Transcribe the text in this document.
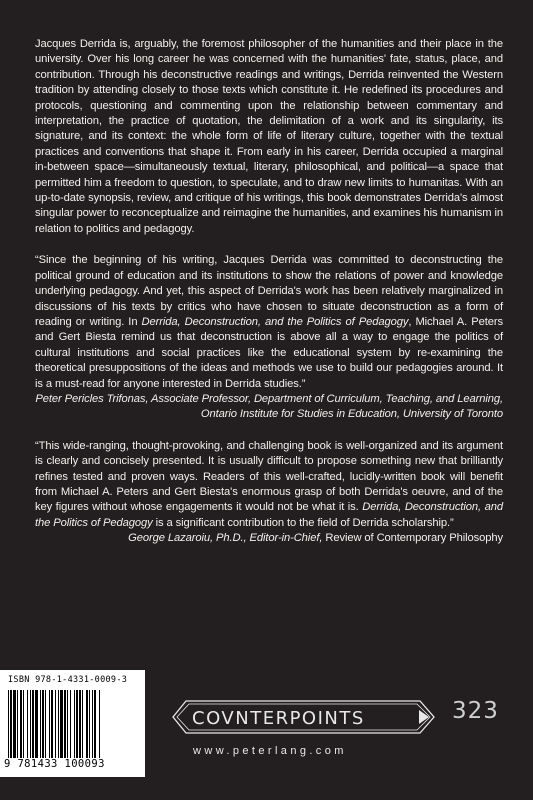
Jacques Derrida is, arguably, the foremost philosopher of the humanities and their place in the university. Over his long career he was concerned with the humanities' fate, status, place, and contribution. Through his deconstructive readings and writings, Derrida reinvented the Western tradition by attending closely to those texts which constitute it. He redefined its procedures and protocols, questioning and commenting upon the relationship between commentary and interpretation, the practice of quotation, the delimitation of a work and its singularity, its signature, and its context: the whole form of life of literary culture, together with the textual practices and conventions that shape it. From early in his career, Derrida occupied a marginal in-between space—simultaneously textual, literary, philosophical, and political—a space that permitted him a freedom to question, to speculate, and to draw new limits to humanitas. With an up-to-date synopsis, review, and critique of his writings, this book demonstrates Derrida's almost singular power to reconceptualize and reimagine the humanities, and examines his humanism in relation to politics and pedagogy.

“Since the beginning of his writing, Jacques Derrida was committed to deconstructing the political ground of education and its institutions to show the relations of power and knowledge underlying pedagogy. And yet, this aspect of Derrida's work has been relatively marginalized in discussions of his texts by critics who have chosen to situate deconstruction as a form of reading or writing. In Derrida, Deconstruction, and the Politics of Pedagogy, Michael A. Peters and Gert Biesta remind us that deconstruction is above all a way to engage the politics of cultural institutions and social practices like the educational system by re-examining the theoretical presuppositions of the ideas and methods we use to build our pedagogies around. It is a must-read for anyone interested in Derrida studies.”

Peter Pericles Trifonas, Associate Professor, Department of Curriculum, Teaching, and Learning, Ontario Institute for Studies in Education, University of Toronto

“This wide-ranging, thought-provoking, and challenging book is well-organized and its argument is clearly and concisely presented. It is usually difficult to propose something new that brilliantly refines tested and proven ways. Readers of this well-crafted, lucidly-written book will benefit from Michael A. Peters and Gert Biesta's enormous grasp of both Derrida's oeuvre, and of the key figures without whose engagements it would not be what it is. Derrida, Deconstruction, and the Politics of Pedagogy is a significant contribution to the field of Derrida scholarship.”

George Lazaroiu, Ph.D., Editor-in-Chief, Review of Contemporary Philosophy

ISBN 978-1-4331-0009-3
9 781433 100093
COVNTERPOINTS	323
www.peterlang.com
